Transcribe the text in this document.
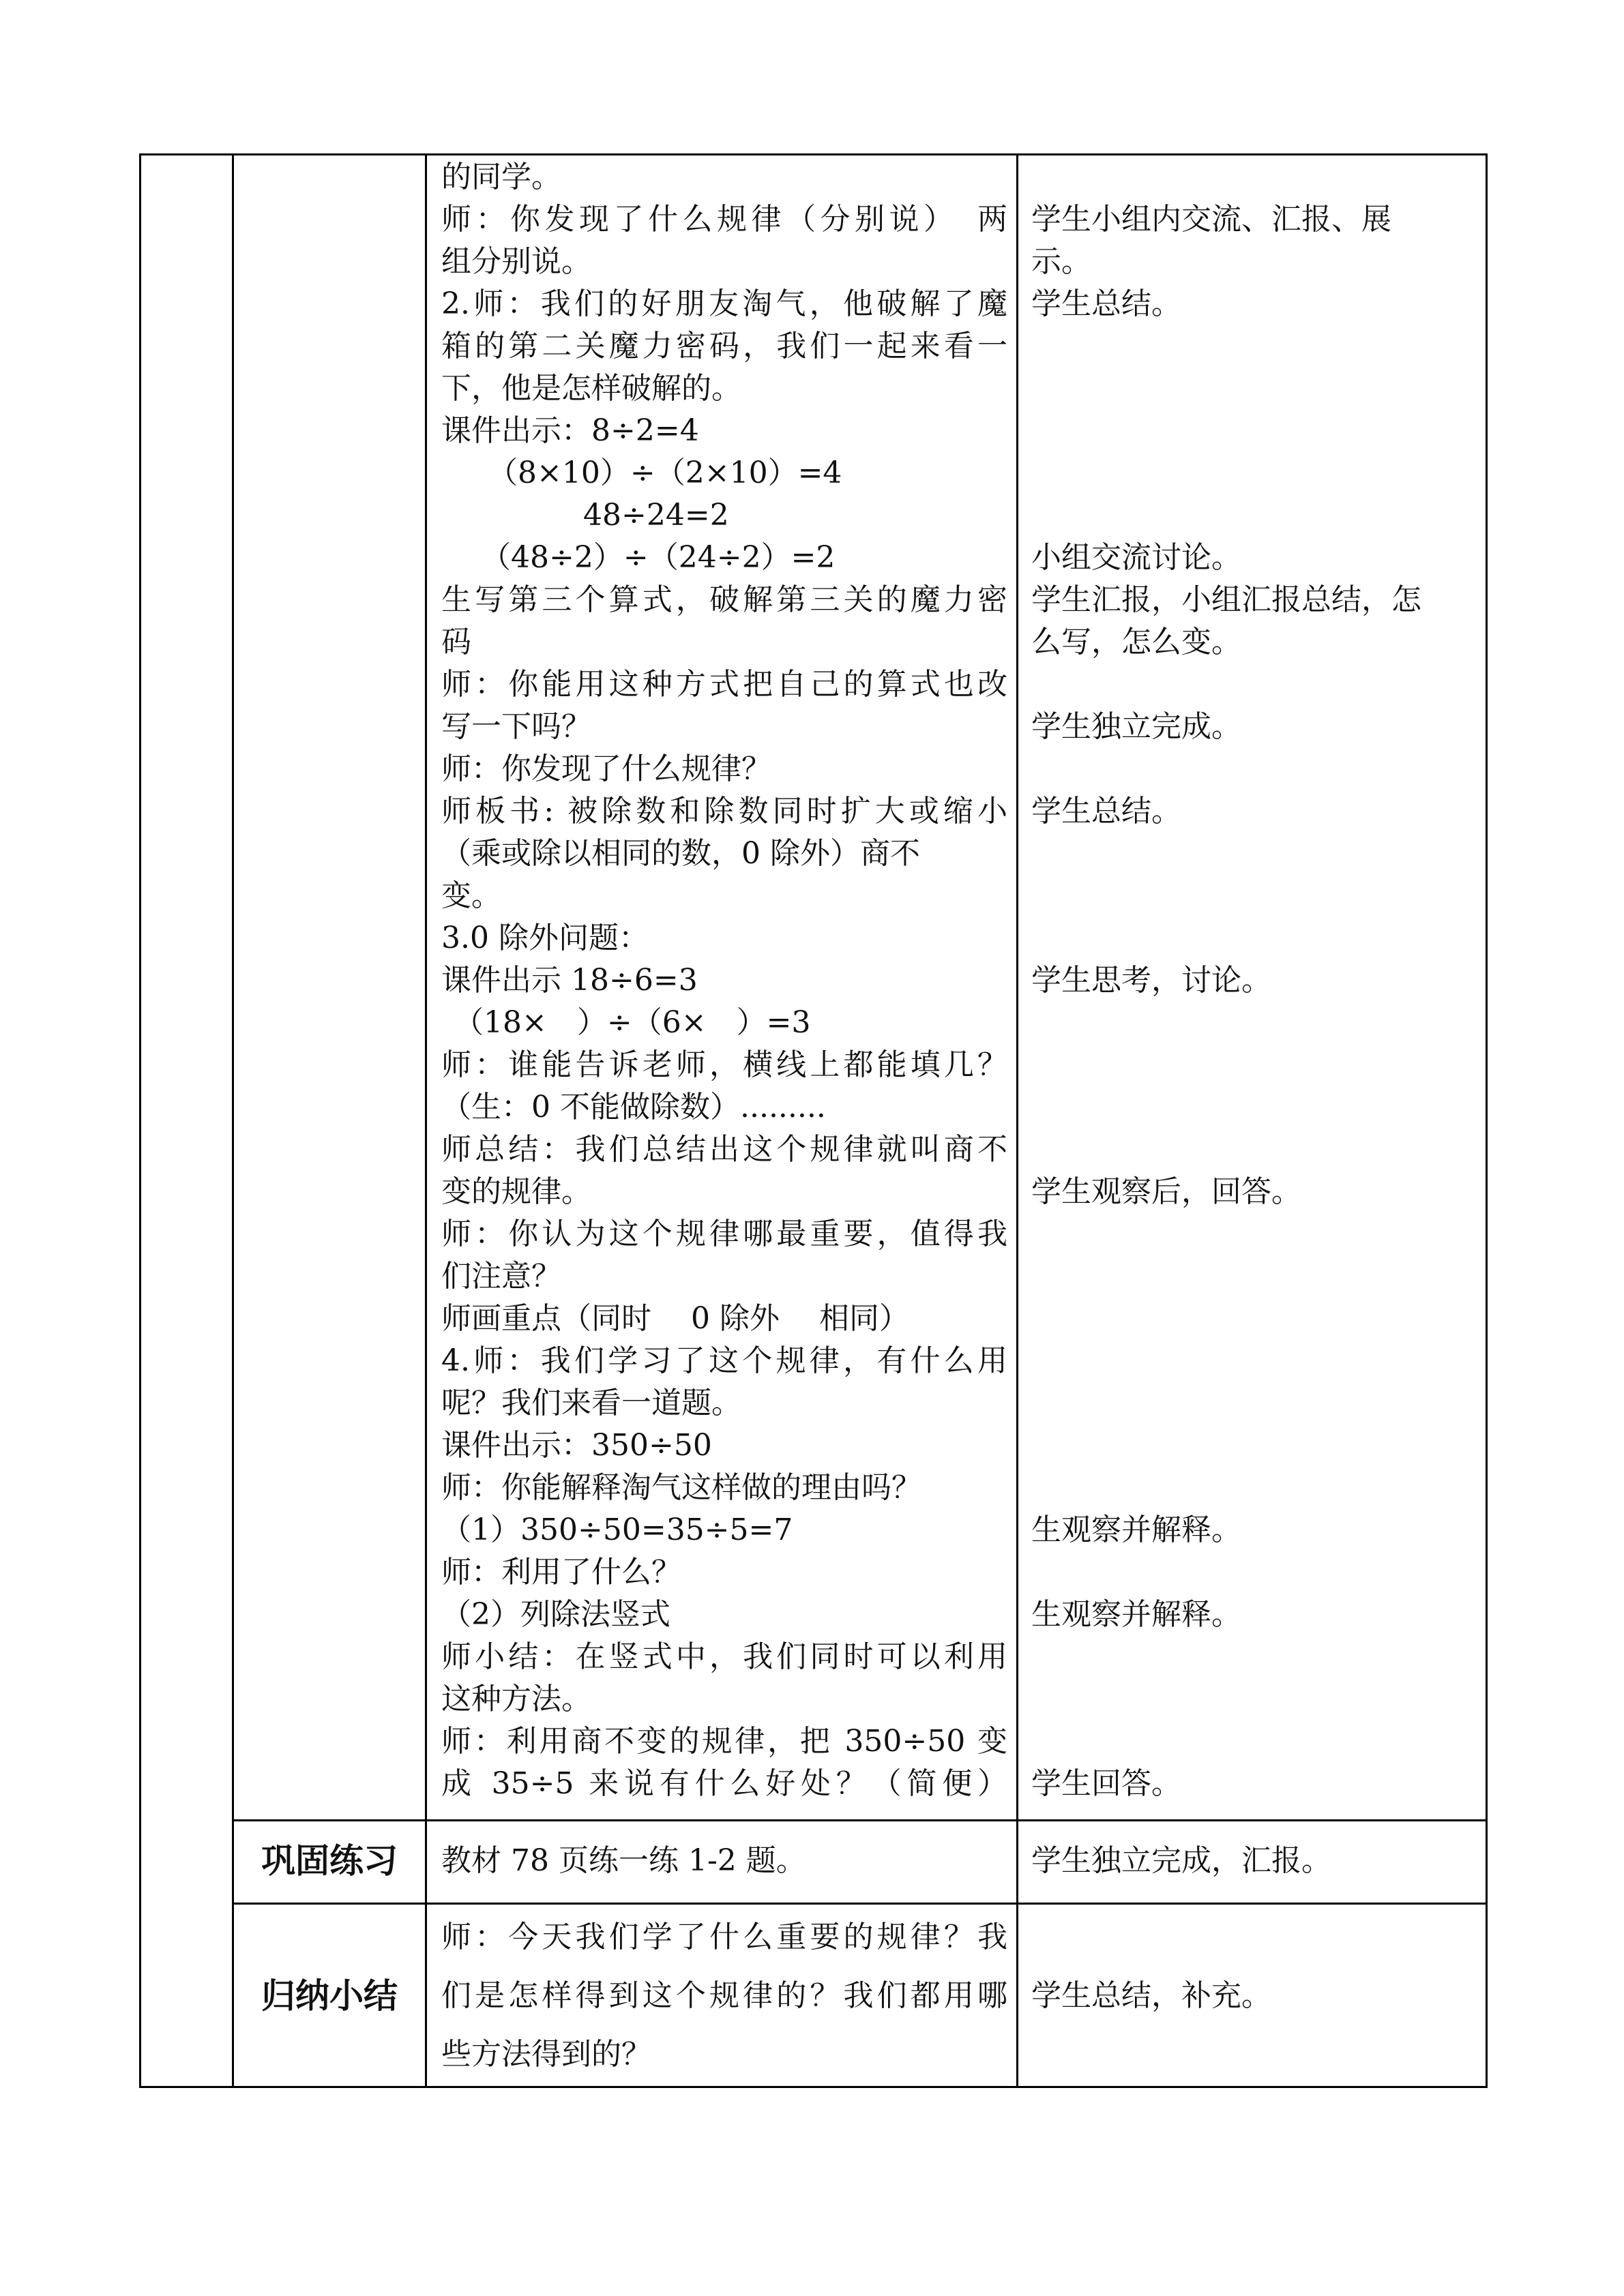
的同学。
师：你发现了什么规律（分别说）　两
组分别说。
2.师：我们的好朋友淘气，他破解了魔
箱的第二关魔力密码，我们一起来看一
下，他是怎样破解的。
课件出示：8÷2=4
（8×10）÷（2×10）=4
48÷24=2
（48÷2）÷（24÷2）=2
生写第三个算式，破解第三关的魔力密
码
师：你能用这种方式把自己的算式也改
写一下吗？
师：你发现了什么规律？
师板书: 被除数和除数同时扩大或缩小
（乘或除以相同的数，0 除外）商不
变。
3.0 除外问题：
课件出示 18÷6=3
（18×　）÷（6×　）=3
师：谁能告诉老师，横线上都能填几？
（生：0 不能做除数）.........
师总结：我们总结出这个规律就叫商不
变的规律。
师：你认为这个规律哪最重要，值得我
们注意？
师画重点（同时　 0 除外　 相同）
4.师：我们学习了这个规律，有什么用
呢？我们来看一道题。
课件出示：350÷50
师：你能解释淘气这样做的理由吗？
（1）350÷50=35÷5=7
师：利用了什么？
（2）列除法竖式
师小结：在竖式中，我们同时可以利用
这种方法。
师：利用商不变的规律，把 350÷50 变
成 35÷5 来说有什么好处？（简便）
学生小组内交流、汇报、展
示。
学生总结。
小组交流讨论。
学生汇报，小组汇报总结，怎
么写，怎么变。
学生独立完成。
学生总结。
学生思考，讨论。
学生观察后，回答。
生观察并解释。
生观察并解释。
学生回答。
巩固练习	教材 78 页练一练 1-2 题。	学生独立完成，汇报。
归纳小结
师：今天我们学了什么重要的规律？我
们是怎样得到这个规律的？我们都用哪
些方法得到的？
学生总结，补充。
